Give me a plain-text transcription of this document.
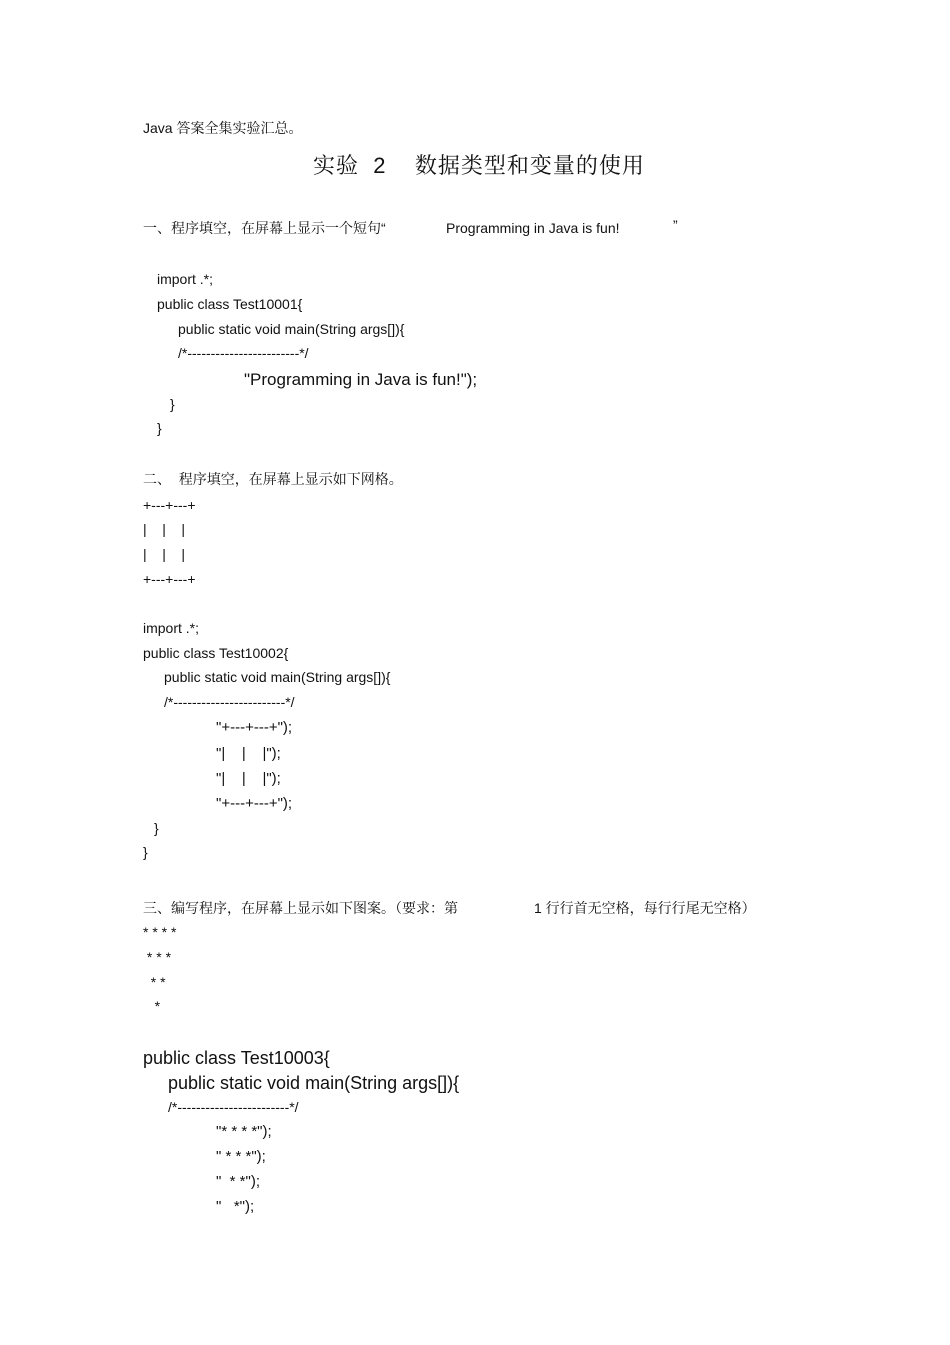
Java 答案全集实验汇总。
实验  2    数据类型和变量的使用
一、程序填空，在屏幕上显示一个短句“	Programming in Java is fun!	”
import .*;
public class Test10001{
public static void main(String args[]){
/*------------------------*/
"Programming in Java is fun!");
}
}
二、  程序填空，在屏幕上显示如下网格。
+---+---+
|    |    |
|    |    |
+---+---+
import .*;
public class Test10002{
public static void main(String args[]){
/*------------------------*/
"+---+---+");
"|    |    |");
"|    |    |");
"+---+---+");
}
}
三、编写程序，在屏幕上显示如下图案。（要求：第	1 行行首无空格，每行行尾无空格）
* * * *
* * *
* *
*
public class Test10003{
public static void main(String args[]){
/*------------------------*/
"* * * *");
" * * *");
"  * *");
"   *");
